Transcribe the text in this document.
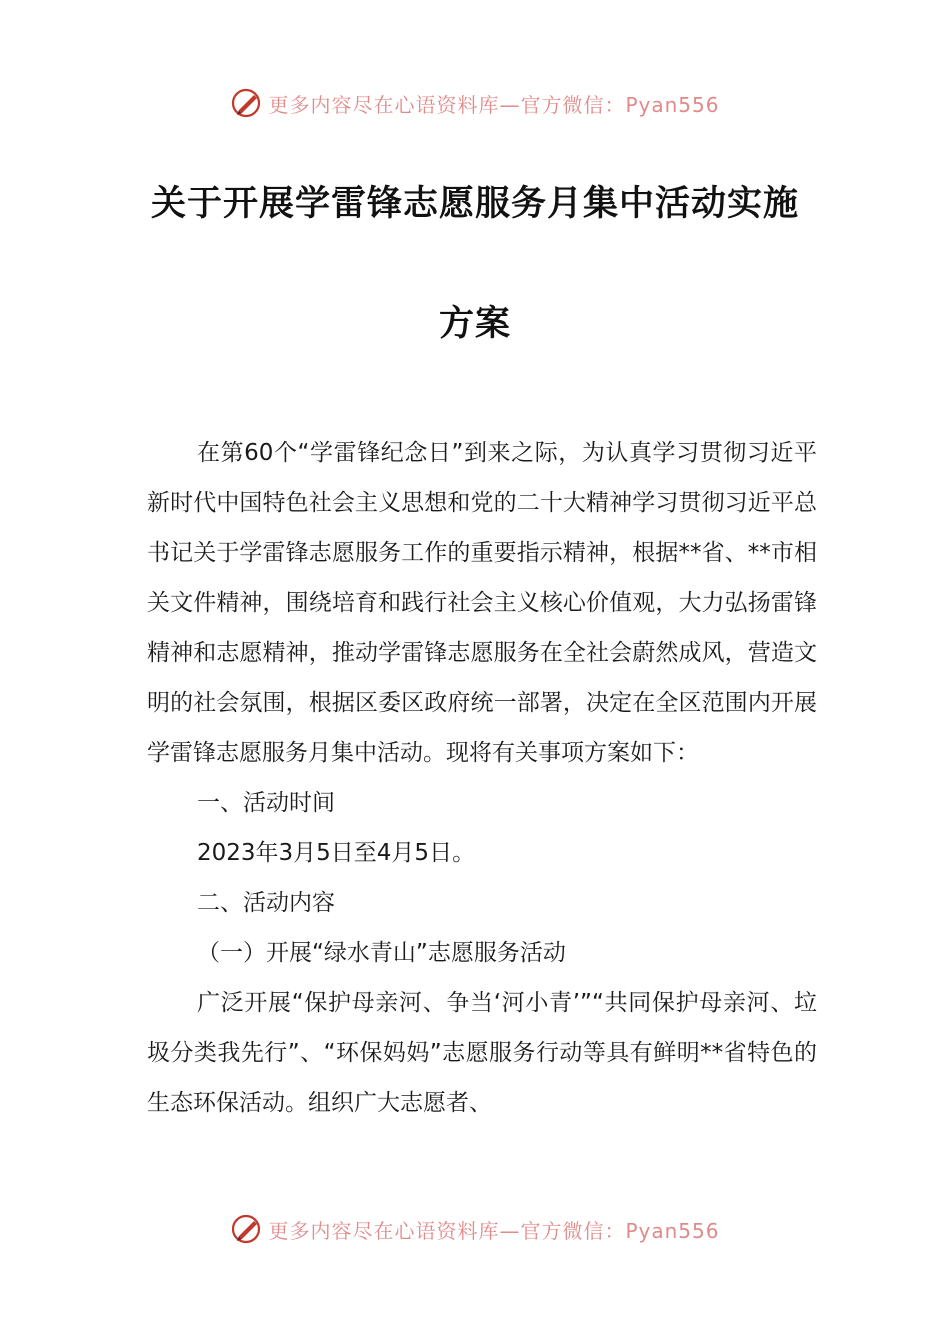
更多内容尽在心语资料库—官方微信：Pyan556
关于开展学雷锋志愿服务月集中活动实施
方案

在第60个“学雷锋纪念日”到来之际，为认真学习贯彻习近平新时代中国特色社会主义思想和党的二十大精神学习贯彻习近平总书记关于学雷锋志愿服务工作的重要指示精神，根据**省、**市相关文件精神，围绕培育和践行社会主义核心价值观，大力弘扬雷锋精神和志愿精神，推动学雷锋志愿服务在全社会蔚然成风，营造文明的社会氛围，根据区委区政府统一部署，决定在全区范围内开展学雷锋志愿服务月集中活动。现将有关事项方案如下：

一、活动时间

2023年3月5日至4月5日。

二、活动内容

（一）开展“绿水青山”志愿服务活动

广泛开展“保护母亲河、争当‘河小青’”“共同保护母亲河、垃圾分类我先行”、“环保妈妈”志愿服务行动等具有鲜明**省特色的生态环保活动。组织广大志愿者、

更多内容尽在心语资料库—官方微信：Pyan556
